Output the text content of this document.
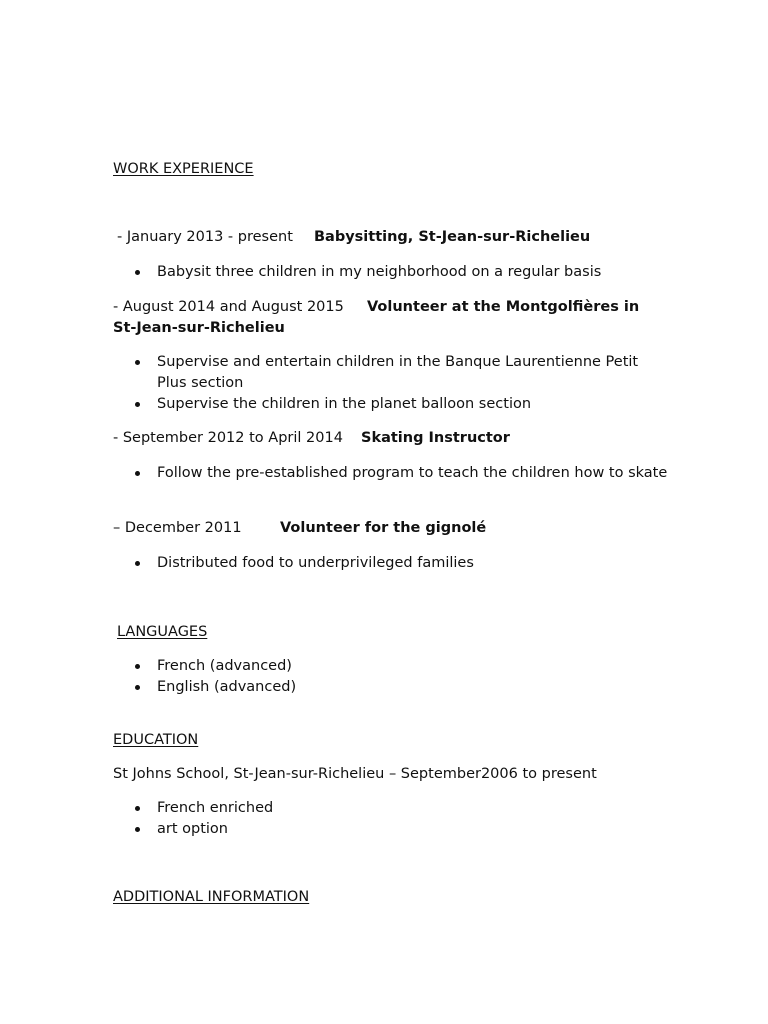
WORK EXPERIENCE
- January 2013 - present Babysitting, St-Jean-sur-Richelieu
Babysit three children in my neighborhood on a regular basis
- August 2014 and August 2015 Volunteer at the Montgolfières in
St-Jean-sur-Richelieu
Supervise and entertain children in the Banque Laurentienne Petit Plus section
Supervise the children in the planet balloon section
- September 2012 to April 2014 Skating Instructor
Follow the pre-established program to teach the children how to skate
– December 2011	Volunteer for the gignolé
Distributed food to underprivileged families
LANGUAGES
French (advanced)
English (advanced)
EDUCATION
St Johns School, St-Jean-sur-Richelieu – September2006 to present
French enriched
art option
ADDITIONAL INFORMATION
